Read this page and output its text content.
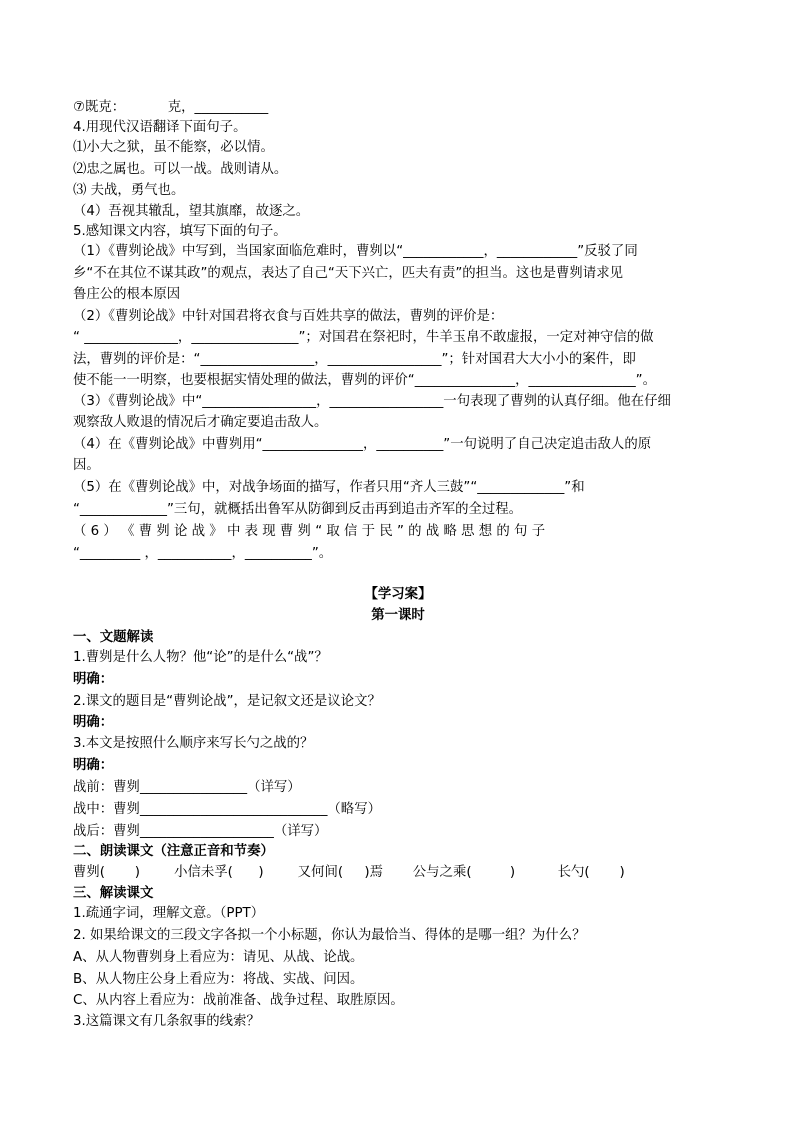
⑦既克：          克，___________
4.用现代汉语翻译下面句子。
⑴小大之狱，虽不能察，必以情。
⑵忠之属也。可以一战。战则请从。
⑶ 夫战，勇气也。
（4）吾视其辙乱，望其旗靡，故逐之。
5.感知课文内容，填写下面的句子。
（1）《曹刿论战》中写到，当国家面临危难时，曹刿以“____________，____________”反驳了同
乡“不在其位不谋其政”的观点，表达了自己“天下兴亡，匹夫有责”的担当。这也是曹刿请求见
鲁庄公的根本原因
（2）《曹刿论战》中针对国君将衣食与百姓共享的做法，曹刿的评价是：
“ ______________，________________”；对国君在祭祀时，牛羊玉帛不敢虚报，一定对神守信的做
法，曹刿的评价是：“_________________，_________________”；针对国君大大小小的案件，即
使不能一一明察，也要根据实情处理的做法，曹刿的评价“_______________，________________”。
（3）《曹刿论战》中“_________________，_________________一句表现了曹刿的认真仔细。他在仔细
观察敌人败退的情况后才确定要追击敌人。
（4）在《曹刿论战》中曹刿用“_______________，__________”一句说明了自己决定追击敌人的原
因。
（5）在《曹刿论战》中，对战争场面的描写，作者只用“齐人三鼓”“_____________”和
“_____________”三句，就概括出鲁军从防御到反击再到追击齐军的全过程。
（ 6 ） 《 曹 刿 论 战 》 中 表 现 曹 刿 “ 取 信 于 民 ” 的 战 略 思 想 的 句 子
“_________ ，___________，__________”。
【学习案】
第一课时
一、文题解读
1.曹刿是什么人物？他“论”的是什么“战”？
明确：
2.课文的题目是“曹刿论战”，是记叙文还是议论文？
明确：
3.本文是按照什么顺序来写长勺之战的？
明确：
战前：曹刿________________（详写）
战中：曹刿____________________________（略写）
战后：曹刿____________________（详写）
二、朗读课文（注意正音和节奏）
曹刿(       )        小信未孚(      )        又何间(     )焉       公与之乘(         )          长勺(       )
三、解读课文
1.疏通字词，理解文意。（PPT）
2. 如果给课文的三段文字各拟一个小标题，你认为最恰当、得体的是哪一组？为什么？
A、从人物曹刿身上看应为：请见、从战、论战。
B、从人物庄公身上看应为：将战、实战、问因。
C、从内容上看应为：战前准备、战争过程、取胜原因。
3.这篇课文有几条叙事的线索？
